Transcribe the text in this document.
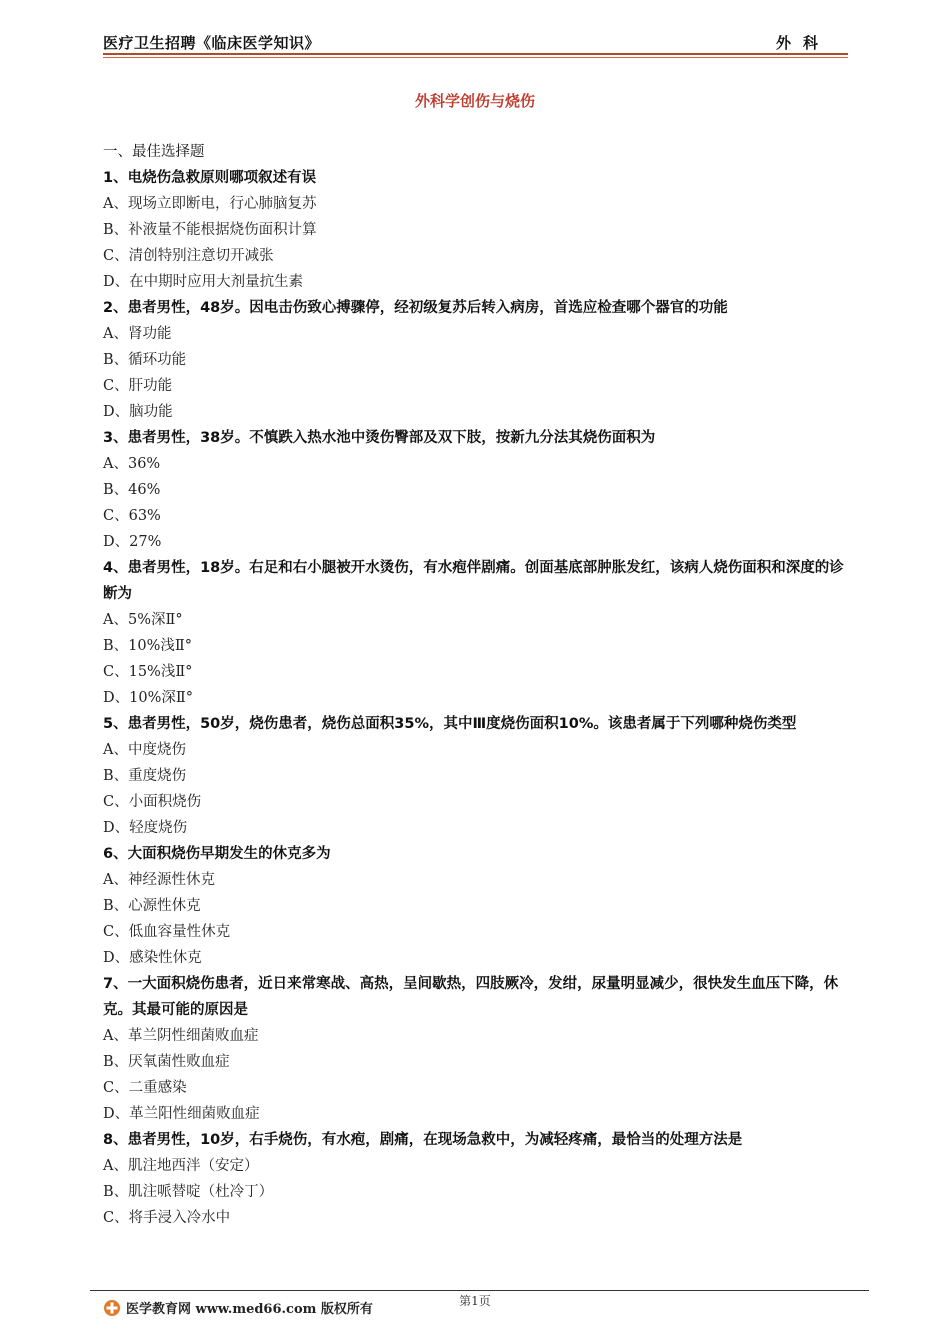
医疗卫生招聘《临床医学知识》	外科
外科学创伤与烧伤
一、最佳选择题
1、电烧伤急救原则哪项叙述有误
A、现场立即断电，行心肺脑复苏
B、补液量不能根据烧伤面积计算
C、清创特别注意切开减张
D、在中期时应用大剂量抗生素
2、患者男性，48岁。因电击伤致心搏骤停，经初级复苏后转入病房，首选应检查哪个器官的功能
A、肾功能
B、循环功能
C、肝功能
D、脑功能
3、患者男性，38岁。不慎跌入热水池中烫伤臀部及双下肢，按新九分法其烧伤面积为
A、36%
B、46%
C、63%
D、27%
4、患者男性，18岁。右足和右小腿被开水烫伤，有水疱伴剧痛。创面基底部肿胀发红，该病人烧伤面积和深度的诊断为
A、5%深Ⅱ°
B、10%浅Ⅱ°
C、15%浅Ⅱ°
D、10%深Ⅱ°
5、患者男性，50岁，烧伤患者，烧伤总面积35%，其中Ⅲ度烧伤面积10%。该患者属于下列哪种烧伤类型
A、中度烧伤
B、重度烧伤
C、小面积烧伤
D、轻度烧伤
6、大面积烧伤早期发生的休克多为
A、神经源性休克
B、心源性休克
C、低血容量性休克
D、感染性休克
7、一大面积烧伤患者，近日来常寒战、高热，呈间歇热，四肢厥冷，发绀，尿量明显减少，很快发生血压下降，休克。其最可能的原因是
A、革兰阴性细菌败血症
B、厌氧菌性败血症
C、二重感染
D、革兰阳性细菌败血症
8、患者男性，10岁，右手烧伤，有水疱，剧痛，在现场急救中，为减轻疼痛，最恰当的处理方法是
A、肌注地西泮（安定）
B、肌注哌替啶（杜冷丁）
C、将手浸入冷水中
第1页
医学教育网 www.med66.com 版权所有
